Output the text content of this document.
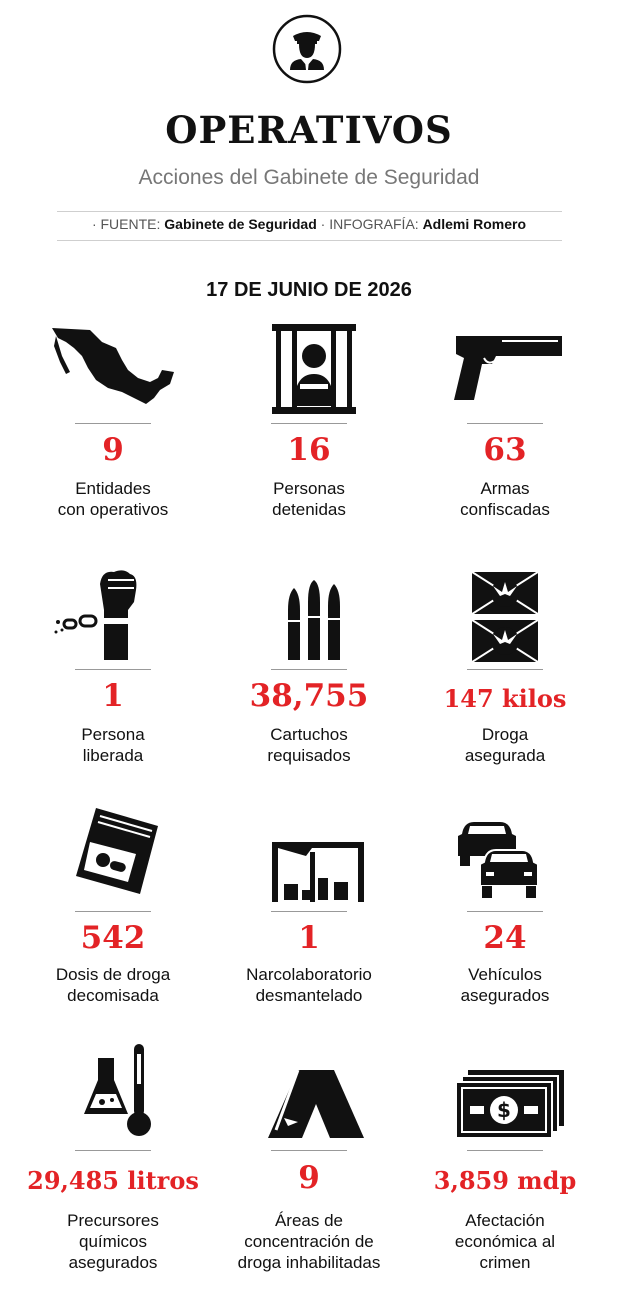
OPERATIVOS
Acciones del Gabinete de Seguridad
· FUENTE: Gabinete de Seguridad · INFOGRAFÍA: Adlemi Romero
17 DE JUNIO DE 2026
9
Entidades
con operativos
16
Personas
detenidas
63
Armas
confiscadas
1
Persona
liberada
38,755
Cartuchos
requisados
147 kilos
Droga
asegurada
542
Dosis de droga
decomisada
1
Narcolaboratorio
desmantelado
24
Vehículos
asegurados
29,485 litros
Precursores
químicos
asegurados
9
Áreas de
concentración de
droga inhabilitadas
$
3,859 mdp
Afectación
económica al
crimen
